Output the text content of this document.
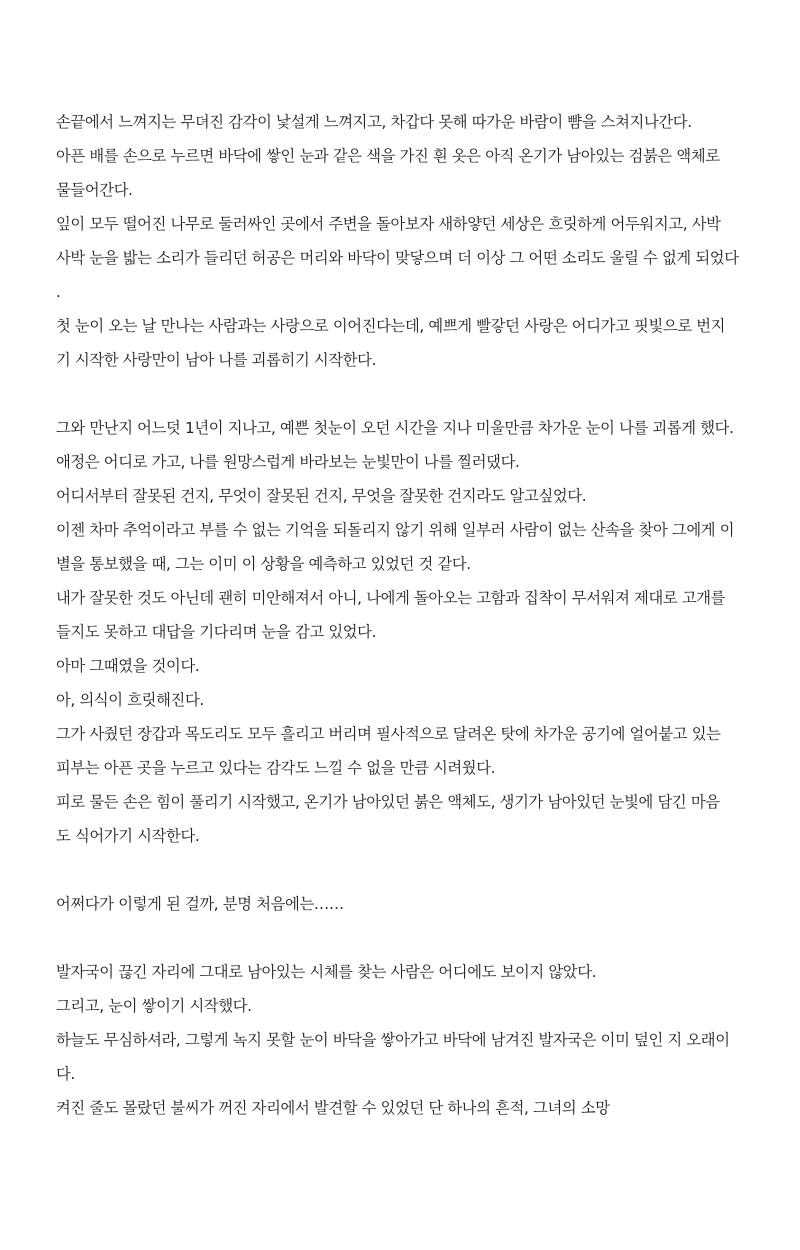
손끝에서 느껴지는 무뎌진 감각이 낯설게 느껴지고, 차갑다 못해 따가운 바람이 뺨을 스쳐지나간다.
아픈 배를 손으로 누르면 바닥에 쌓인 눈과 같은 색을 가진 흰 옷은 아직 온기가 남아있는 검붉은 액체로
물들어간다.
잎이 모두 떨어진 나무로 둘러싸인 곳에서 주변을 돌아보자 새하얗던 세상은 흐릿하게 어두워지고, 사박
사박 눈을 밟는 소리가 들리던 허공은 머리와 바닥이 맞닿으며 더 이상 그 어떤 소리도 울릴 수 없게 되었다
.
첫 눈이 오는 날 만나는 사람과는 사랑으로 이어진다는데, 예쁘게 빨갛던 사랑은 어디가고 핏빛으로 번지
기 시작한 사랑만이 남아 나를 괴롭히기 시작한다.
그와 만난지 어느덧 1년이 지나고, 예쁜 첫눈이 오던 시간을 지나 미울만큼 차가운 눈이 나를 괴롭게 했다.
애정은 어디로 가고, 나를 원망스럽게 바라보는 눈빛만이 나를 찔러댔다.
어디서부터 잘못된 건지, 무엇이 잘못된 건지, 무엇을 잘못한 건지라도 알고싶었다.
이젠 차마 추억이라고 부를 수 없는 기억을 되돌리지 않기 위해 일부러 사람이 없는 산속을 찾아 그에게 이
별을 통보했을 때, 그는 이미 이 상황을 예측하고 있었던 것 같다.
내가 잘못한 것도 아닌데 괜히 미안해져서 아니, 나에게 돌아오는 고함과 집착이 무서워져 제대로 고개를
들지도 못하고 대답을 기다리며 눈을 감고 있었다.
아마 그때였을 것이다.
아, 의식이 흐릿해진다.
그가 사줬던 장갑과 목도리도 모두 흘리고 버리며 필사적으로 달려온 탓에 차가운 공기에 얼어붙고 있는
피부는 아픈 곳을 누르고 있다는 감각도 느낄 수 없을 만큼 시려웠다.
피로 물든 손은 힘이 풀리기 시작했고, 온기가 남아있던 붉은 액체도, 생기가 남아있던 눈빛에 담긴 마음
도 식어가기 시작한다.
어쩌다가 이렇게 된 걸까, 분명 처음에는……
발자국이 끊긴 자리에 그대로 남아있는 시체를 찾는 사람은 어디에도 보이지 않았다.
그리고, 눈이 쌓이기 시작했다.
하늘도 무심하셔라, 그렇게 녹지 못할 눈이 바닥을 쌓아가고 바닥에 남겨진 발자국은 이미 덮인 지 오래이
다.
켜진 줄도 몰랐던 불씨가 꺼진 자리에서 발견할 수 있었던 단 하나의 흔적, 그녀의 소망
